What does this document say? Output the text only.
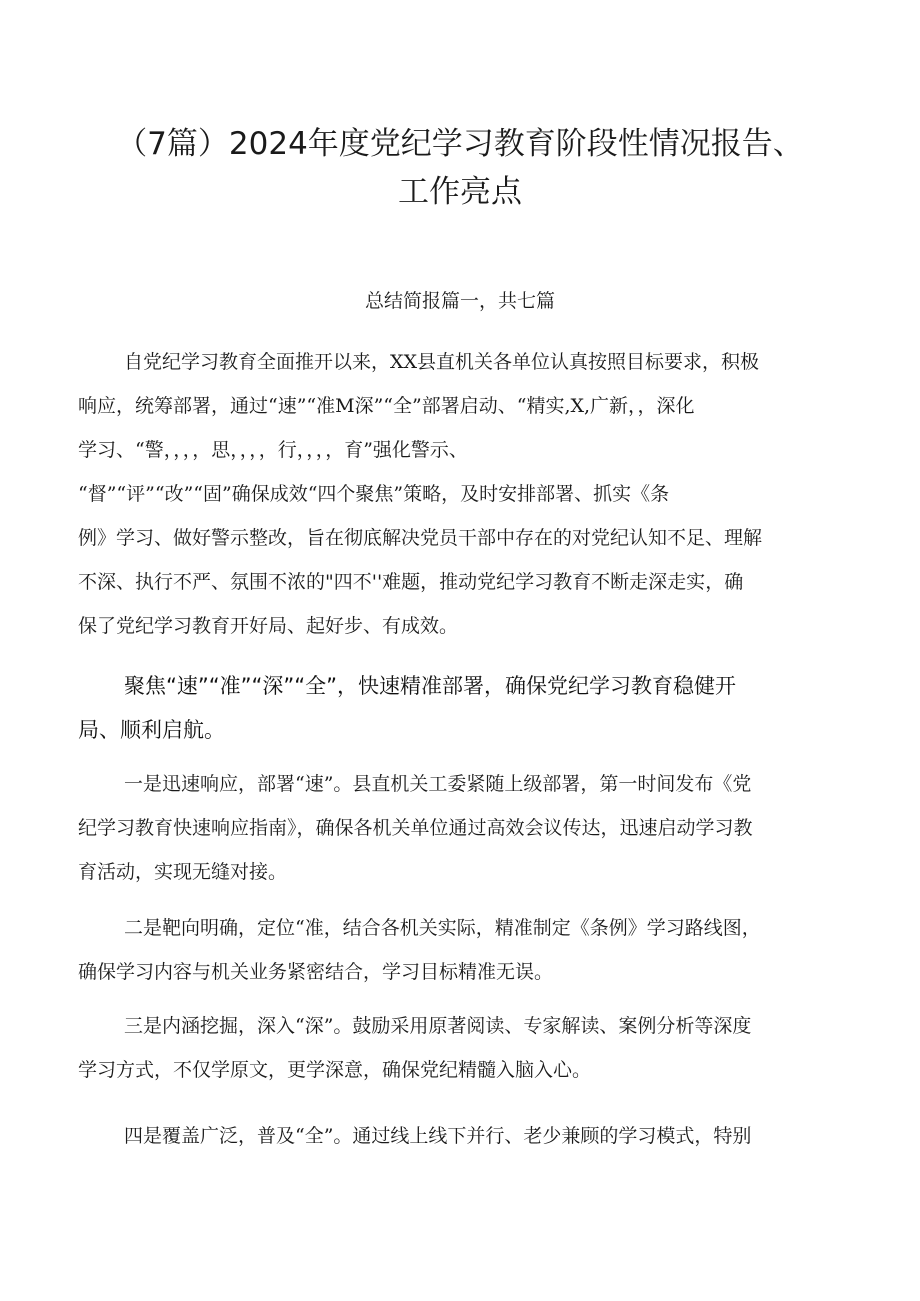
（7篇）2024年度党纪学习教育阶段性情况报告、
工作亮点

总结简报篇一，共七篇

自党纪学习教育全面推开以来，XX县直机关各单位认真按照目标要求，积极
响应，统筹部署，通过“速”“准M深”“全”部署启动、“精实,X,广新，，深化
学习、“警，，，，思，，，，行，，，，育”强化警示、
“督”“评”“改”“固”确保成效“四个聚焦”策略，及时安排部署、抓实《条
例》学习、做好警示整改，旨在彻底解决党员干部中存在的对党纪认知不足、理解
不深、执行不严、氛围不浓的"四不''难题，推动党纪学习教育不断走深走实，确
保了党纪学习教育开好局、起好步、有成效。
聚焦“速”“准”“深”“全”，快速精准部署，确保党纪学习教育稳健开
局、顺利启航。
一是迅速响应，部署“速”。县直机关工委紧随上级部署，第一时间发布《党
纪学习教育快速响应指南》，确保各机关单位通过高效会议传达，迅速启动学习教
育活动，实现无缝对接。
二是靶向明确，定位“准，结合各机关实际，精准制定《条例》学习路线图，
确保学习内容与机关业务紧密结合，学习目标精准无误。
三是内涵挖掘，深入“深”。鼓励采用原著阅读、专家解读、案例分析等深度
学习方式，不仅学原文，更学深意，确保党纪精髓入脑入心。
四是覆盖广泛，普及“全”。通过线上线下并行、老少兼顾的学习模式，特别
